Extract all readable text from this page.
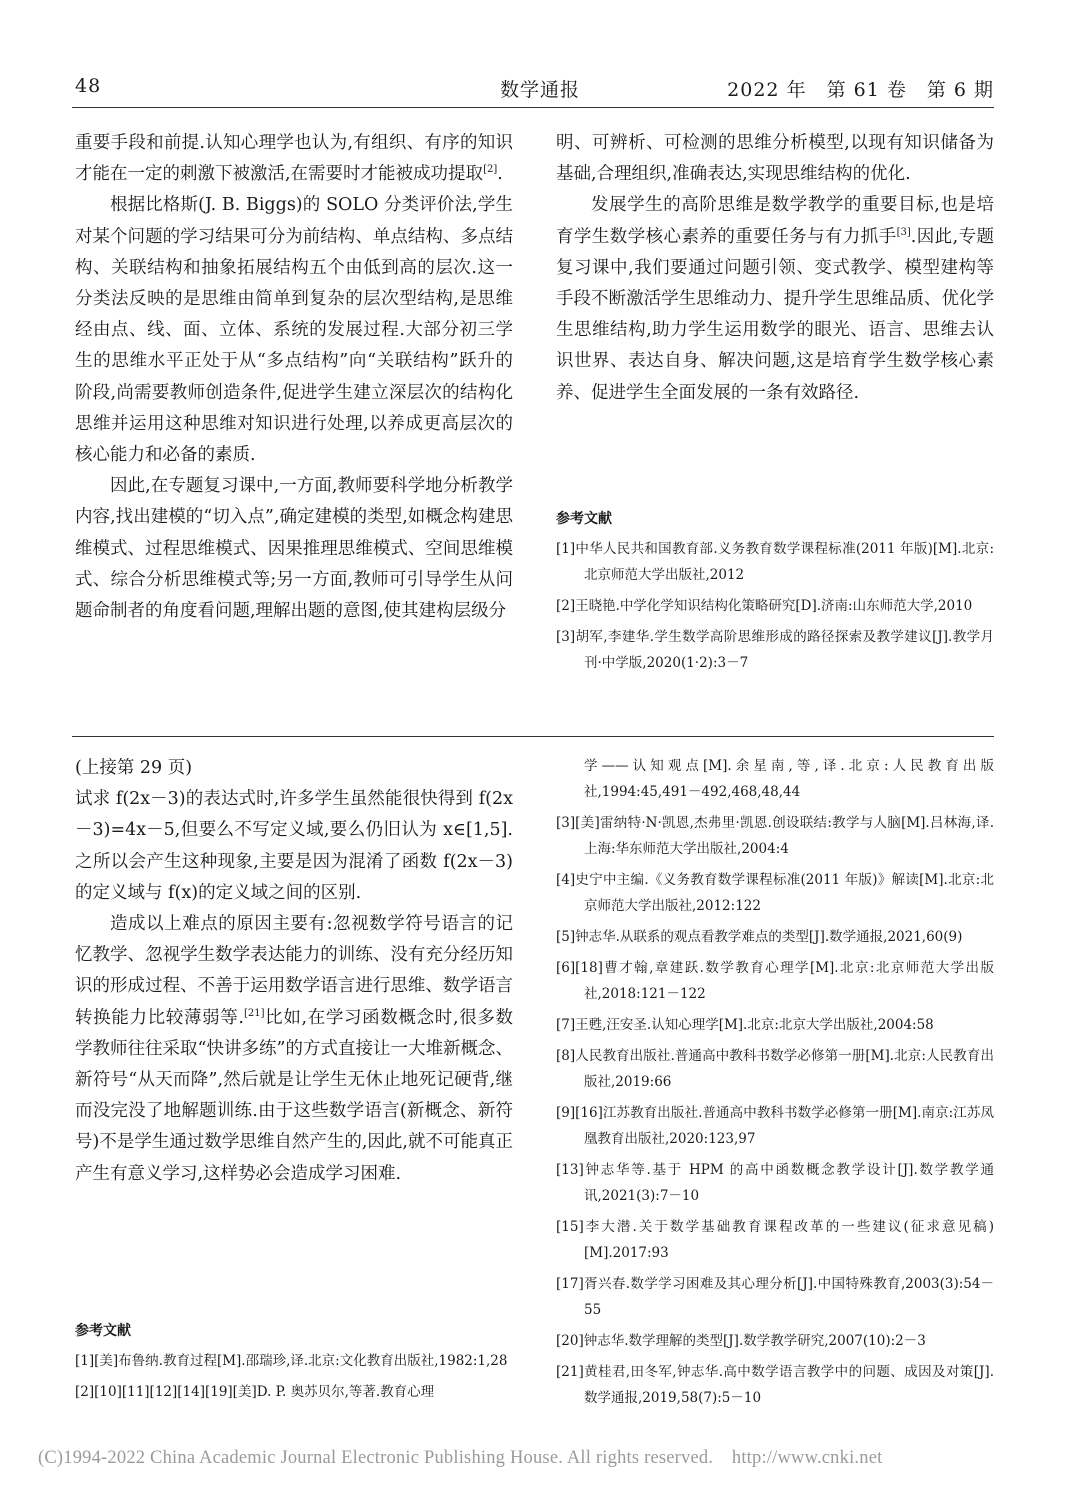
48	数学通报	2022 年　第 61 卷　第 6 期

重要手段和前提.认知心理学也认为,有组织、有序的知识才能在一定的刺激下被激活,在需要时才能被成功提取[2].

根据比格斯(J. B. Biggs)的 SOLO 分类评价法,学生对某个问题的学习结果可分为前结构、单点结构、多点结构、关联结构和抽象拓展结构五个由低到高的层次.这一分类法反映的是思维由简单到复杂的层次型结构,是思维经由点、线、面、立体、系统的发展过程.大部分初三学生的思维水平正处于从“多点结构”向“关联结构”跃升的阶段,尚需要教师创造条件,促进学生建立深层次的结构化思维并运用这种思维对知识进行处理,以养成更高层次的核心能力和必备的素质.

因此,在专题复习课中,一方面,教师要科学地分析教学内容,找出建模的“切入点”,确定建模的类型,如概念构建思维模式、过程思维模式、因果推理思维模式、空间思维模式、综合分析思维模式等;另一方面,教师可引导学生从问题命制者的角度看问题,理解出题的意图,使其建构层级分

明、可辨析、可检测的思维分析模型,以现有知识储备为基础,合理组织,准确表达,实现思维结构的优化.

发展学生的高阶思维是数学教学的重要目标,也是培育学生数学核心素养的重要任务与有力抓手[3].因此,专题复习课中,我们要通过问题引领、变式教学、模型建构等手段不断激活学生思维动力、提升学生思维品质、优化学生思维结构,助力学生运用数学的眼光、语言、思维去认识世界、表达自身、解决问题,这是培育学生数学核心素养、促进学生全面发展的一条有效路径.

参考文献

[1]中华人民共和国教育部.义务教育数学课程标准(2011 年版)[M].北京:北京师范大学出版社,2012
[2]王晓艳.中学化学知识结构化策略研究[D].济南:山东师范大学,2010
[3]胡军,李建华.学生数学高阶思维形成的路径探索及教学建议[J].教学月刊·中学版,2020(1·2):3－7

(上接第 29 页)

试求 f(2x－3)的表达式时,许多学生虽然能很快得到 f(2x－3)=4x－5,但要么不写定义域,要么仍旧认为 x∈[1,5].之所以会产生这种现象,主要是因为混淆了函数 f(2x－3)的定义域与 f(x)的定义域之间的区别.

造成以上难点的原因主要有:忽视数学符号语言的记忆教学、忽视学生数学表达能力的训练、没有充分经历知识的形成过程、不善于运用数学语言进行思维、数学语言转换能力比较薄弱等.[21]比如,在学习函数概念时,很多数学教师往往采取“快讲多练”的方式直接让一大堆新概念、新符号“从天而降”,然后就是让学生无休止地死记硬背,继而没完没了地解题训练.由于这些数学语言(新概念、新符号)不是学生通过数学思维自然产生的,因此,就不可能真正产生有意义学习,这样势必会造成学习困难.

参考文献

[1][美]布鲁纳.教育过程[M].邵瑞珍,译.北京:文化教育出版社,1982:1,28
[2][10][11][12][14][19][美]D. P. 奥苏贝尔,等著.教育心理
学——认知观点[M].余星南,等,译.北京:人民教育出版社,1994:45,491－492,468,48,44
[3][美]雷纳特·N·凯恩,杰弗里·凯恩.创设联结:教学与人脑[M].吕林海,译.上海:华东师范大学出版社,2004:4
[4]史宁中主编.《义务教育数学课程标准(2011 年版)》解读[M].北京:北京师范大学出版社,2012:122
[5]钟志华.从联系的观点看教学难点的类型[J].数学通报,2021,60(9)
[6][18]曹才翰,章建跃.数学教育心理学[M].北京:北京师范大学出版社,2018:121－122
[7]王甦,汪安圣.认知心理学[M].北京:北京大学出版社,2004:58
[8]人民教育出版社.普通高中教科书数学必修第一册[M].北京:人民教育出版社,2019:66
[9][16]江苏教育出版社.普通高中教科书数学必修第一册[M].南京:江苏凤凰教育出版社,2020:123,97
[13]钟志华等.基于 HPM 的高中函数概念教学设计[J].数学教学通讯,2021(3):7－10
[15]李大潜.关于数学基础教育课程改革的一些建议(征求意见稿)[M].2017:93
[17]胥兴春.数学学习困难及其心理分析[J].中国特殊教育,2003(3):54－55
[20]钟志华.数学理解的类型[J].数学教学研究,2007(10):2－3
[21]黄桂君,田冬军,钟志华.高中数学语言教学中的问题、成因及对策[J].数学通报,2019,58(7):5－10
(C)1994-2022 China Academic Journal Electronic Publishing House. All rights reserved.　http://www.cnki.net
